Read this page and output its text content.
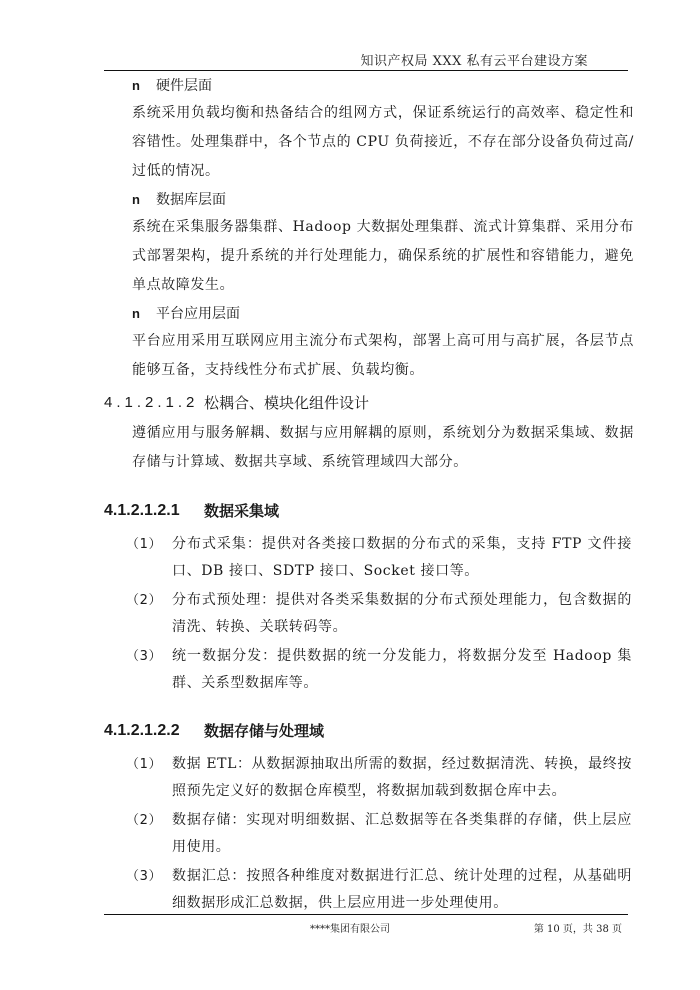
知识产权局 XXX 私有云平台建设方案
n	硬件层面
系统采用负载均衡和热备结合的组网方式，保证系统运行的高效率、稳定性和容错性。处理集群中，各个节点的 CPU 负荷接近，不存在部分设备负荷过高/ 过低的情况。
n	数据库层面
系统在采集服务器集群、Hadoop 大数据处理集群、流式计算集群、采用分布式部署架构，提升系统的并行处理能力，确保系统的扩展性和容错能力，避免单点故障发生。
n	平台应用层面
平台应用采用互联网应用主流分布式架构，部署上高可用与高扩展，各层节点能够互备，支持线性分布式扩展、负载均衡。
4.1.2.1.2 松耦合、模块化组件设计
遵循应用与服务解耦、数据与应用解耦的原则，系统划分为数据采集域、数据存储与计算域、数据共享域、系统管理域四大部分。
4.1.2.1.2.1	数据采集域
（1） 分布式采集：提供对各类接口数据的分布式的采集，支持 FTP 文件接口、DB 接口、SDTP 接口、Socket 接口等。
（2） 分布式预处理：提供对各类采集数据的分布式预处理能力，包含数据的清洗、转换、关联转码等。
（3） 统一数据分发：提供数据的统一分发能力，将数据分发至 Hadoop 集群、关系型数据库等。
4.1.2.1.2.2	数据存储与处理域
（1） 数据 ETL：从数据源抽取出所需的数据，经过数据清洗、转换，最终按照预先定义好的数据仓库模型，将数据加载到数据仓库中去。
（2） 数据存储：实现对明细数据、汇总数据等在各类集群的存储，供上层应用使用。
（3） 数据汇总：按照各种维度对数据进行汇总、统计处理的过程，从基础明细数据形成汇总数据，供上层应用进一步处理使用。
****集团有限公司	第 10 页，共 38 页
